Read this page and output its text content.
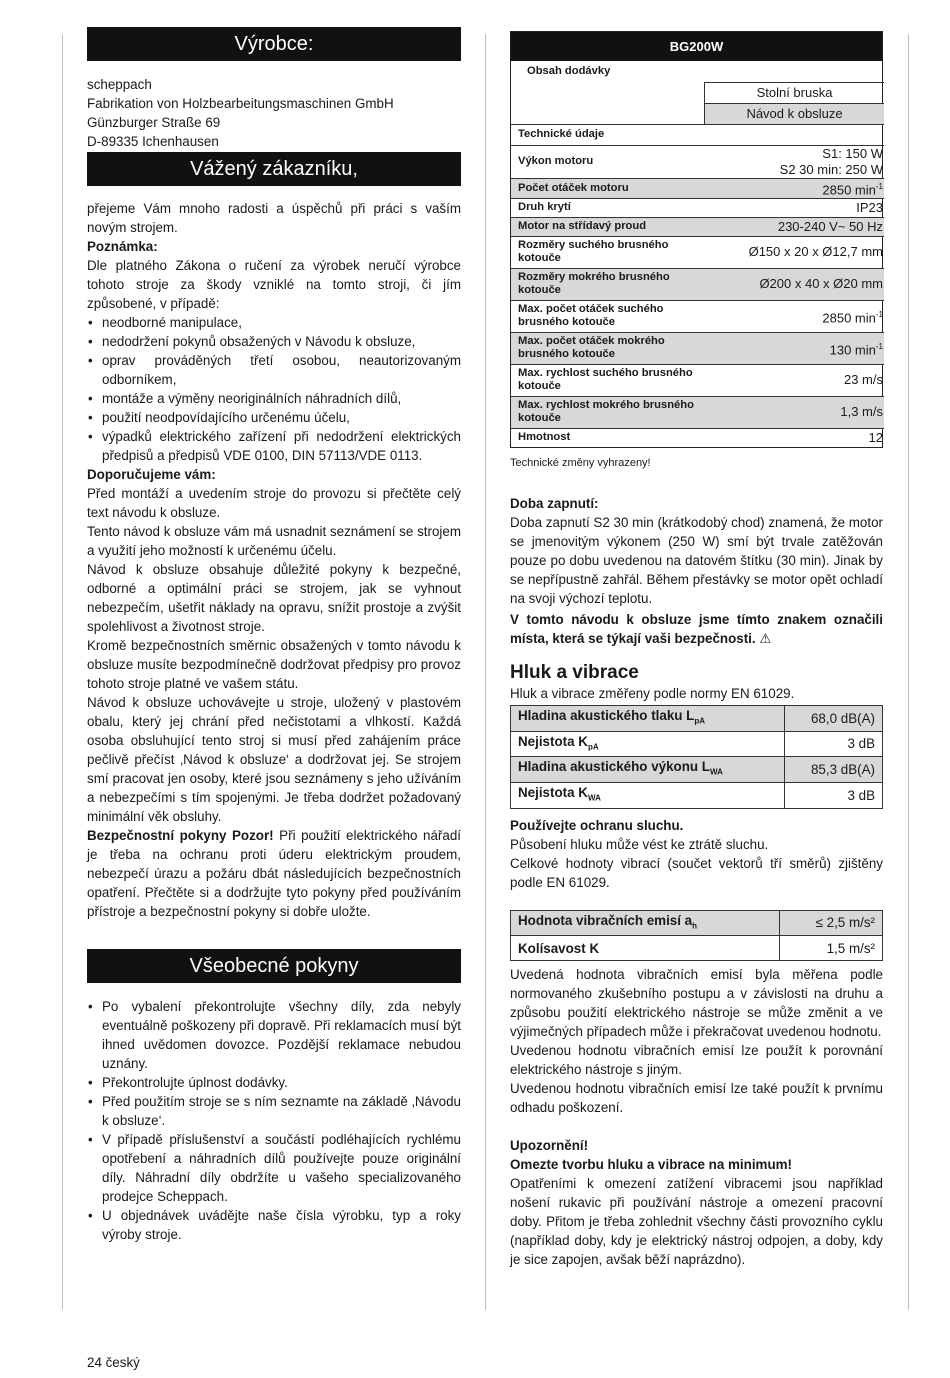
Výrobce:

scheppach

Fabrikation von Holzbearbeitungsmaschinen GmbH

Günzburger Straße 69

D-89335 Ichenhausen

Vážený zákazníku,

přejeme Vám mnoho radosti a úspěchů při práci s vaším novým strojem.

Poznámka:

Dle platného Zákona o ručení za výrobek neručí výrobce tohoto stroje za škody vzniklé na tomto stroji, či jím způsobené, v případě:

• neodborné manipulace,
• nedodržení pokynů obsažených v Návodu k obsluze,
• oprav prováděných třetí osobou, neautorizovaným odborníkem,
• montáže a výměny neoriginálních náhradních dílů,
• použití neodpovídajícího určenému účelu,
• výpadků elektrického zařízení při nedodržení elektrických předpisů a předpisů VDE 0100, DIN 57113/VDE 0113.

Doporučujeme vám:

Před montáží a uvedením stroje do provozu si přečtěte celý text návodu k obsluze.

Tento návod k obsluze vám má usnadnit seznámení se strojem a využití jeho možností k určenému účelu.

Návod k obsluze obsahuje důležité pokyny k bezpečné, odborné a optimální práci se strojem, jak se vyhnout nebezpečím, ušetřit náklady na opravu, snížit prostoje a zvýšit spolehlivost a životnost stroje.

Kromě bezpečnostních směrnic obsažených v tomto návodu k obsluze musíte bezpodmínečně dodržovat předpisy pro provoz tohoto stroje platné ve vašem státu.

Návod k obsluze uchovávejte u stroje, uložený v plastovém obalu, který jej chrání před nečistotami a vlhkostí. Každá osoba obsluhující tento stroj si musí před zahájením práce pečlivě přečíst ‚Návod k obsluze‘ a dodržovat jej. Se strojem smí pracovat jen osoby, které jsou seznámeny s jeho užíváním a nebezpečími s tím spojenými. Je třeba dodržet požadovaný minimální věk obsluhy.

Bezpečnostní pokyny Pozor! Při použití elektrického nářadí je třeba na ochranu proti úderu elektrickým proudem, nebezpečí úrazu a požáru dbát následujících bezpečnostních opatření. Přečtěte si a dodržujte tyto pokyny před používáním přístroje a bezpečnostní pokyny si dobře uložte.

Všeobecné pokyny
• Po vybalení překontrolujte všechny díly, zda nebyly eventuálně poškozeny při dopravě. Při reklamacích musí být ihned uvědomen dovozce. Pozdější reklamace nebudou uznány.
• Překontrolujte úplnost dodávky.
• Před použitím stroje se s ním seznamte na základě ‚Návodu k obsluze‘.
• V případě příslušenství a součástí podléhajících rychlému opotřebení a náhradních dílů používejte pouze originální díly. Náhradní díly obdržíte u vašeho specializovaného prodejce Scheppach.
• U objednávek uvádějte naše čísla výrobku, typ a roky výroby stroje.
BG200W
Obsah dodávky	

	Stolní bruska
Návod k obsluze

Technické údaje	
Výkon motoru	S1: 150 W
S2 30 min: 250 W

Počet otáček motoru	2850 $\min^{-1}$

Druh krytí	IP23

Motor na střídavý proud	230-240 V~ 50 Hz

Rozměry suchého brusného kotouče	Ø150 x 20 x Ø12,7 mm

Rozměry mokrého brusného kotouče	Ø200 x 40 x Ø20 mm

Max. počet otáček suchého brusného kotouče	2850 $\min^{-1}$

Max. počet otáček mokrého brusného kotouče	130 $\min^{-1}$

Max. rychlost suchého brusného kotouče	23 m/s

Max. rychlost mokrého brusného kotouče	1,3 m/s

Hmotnost	12

Technické změny vyhrazeny!

Doba zapnutí:

Doba zapnutí S2 30 min (krátkodobý chod) znamená, že motor se jmenovitým výkonem (250 W) smí být trvale zatěžován pouze po dobu uvedenou na datovém štítku (30 min). Jinak by se nepřípustně zahřál. Během přestávky se motor opět ochladí na svoji výchozí teplotu.

V tomto návodu k obsluze jsme tímto znakem označili místa, která se týkají vaši bezpečnosti. ⚠

Hluk a vibrace

Hluk a vibrace změřeny podle normy EN 61029.

Hladina akustického tlaku $L_{pA}$	68,0 dB(A)
Nejistota $K_{pA}$	3 dB
Hladina akustického výkonu $L_{WA}$	85,3 dB(A)
Nejistota $K_{WA}$	3 dB

Používejte ochranu sluchu.

Působení hluku může vést ke ztrátě sluchu.

Celkové hodnoty vibrací (součet vektorů tří směrů) zjištěny podle EN 61029.

Hodnota vibračních emisí $a_h$	≤ 2,5 m/s²
Kolísavost K	1,5 m/s²

Uvedená hodnota vibračních emisí byla měřena podle normovaného zkušebního postupu a v závislosti na druhu a způsobu použití elektrického nástroje se může změnit a ve výjimečných případech může i překračovat uvedenou hodnotu.

Uvedenou hodnotu vibračních emisí lze použít k porovnání elektrického nástroje s jiným.

Uvedenou hodnotu vibračních emisí lze také použít k prvnímu odhadu poškození.

Upozornění!

Omezte tvorbu hluku a vibrace na minimum!

Opatřeními k omezení zatížení vibracemi jsou například nošení rukavic při používání nástroje a omezení pracovní doby. Přitom je třeba zohlednit všechny části provozního cyklu (například doby, kdy je elektrický nástroj odpojen, a doby, kdy je sice zapojen, avšak běží naprázdno).

24 český
